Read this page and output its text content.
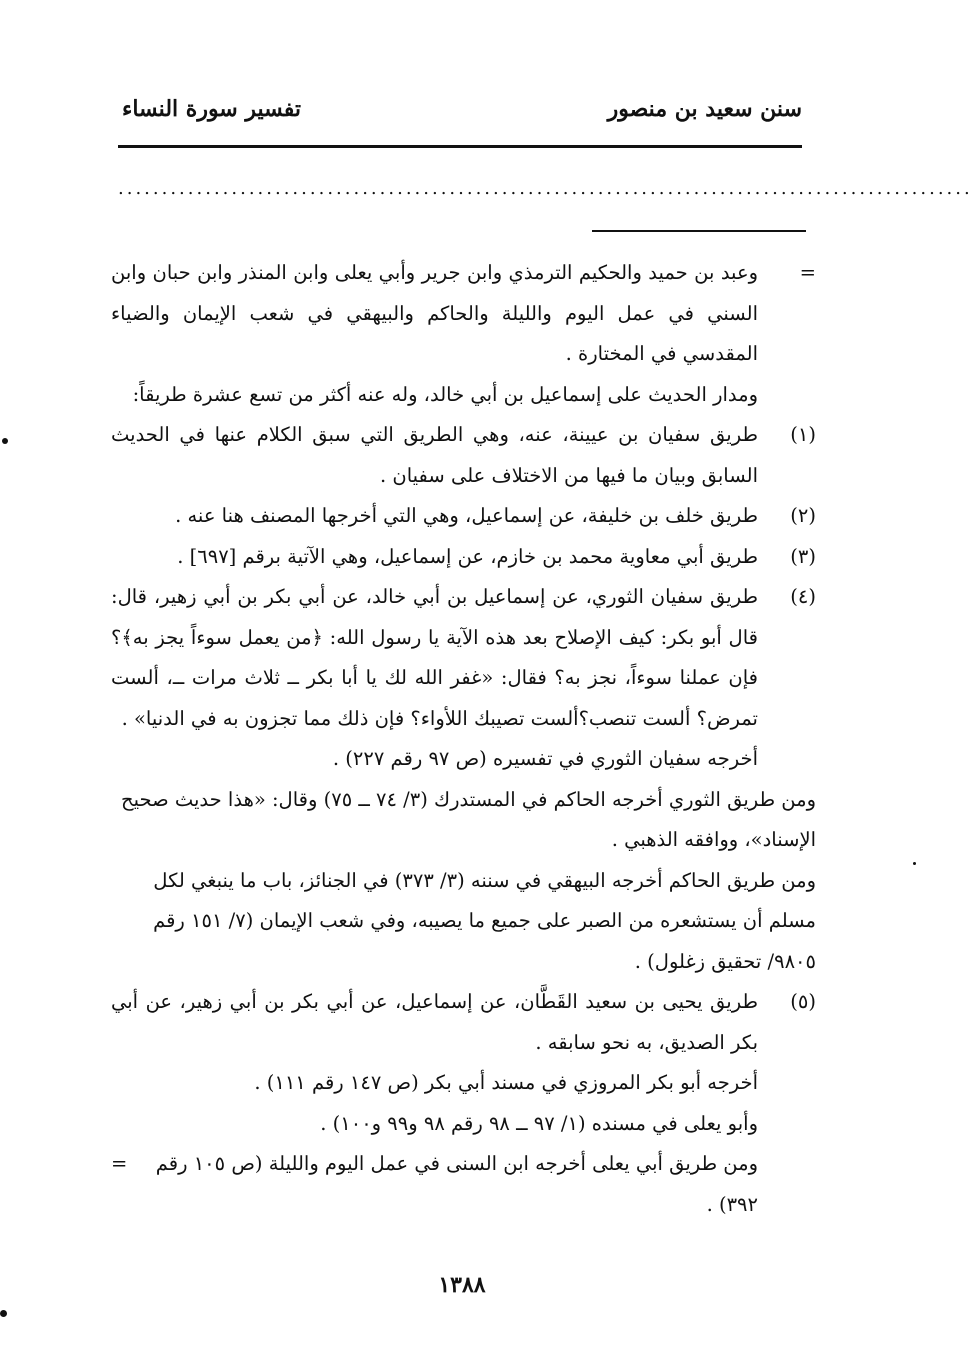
سنن سعيد بن منصور
تفسير سورة النساء
..................................................................................................
=
وعبد بن حميد والحكيم الترمذي وابن جرير وأبي يعلى وابن المنذر وابن حبان وابن السني في عمل اليوم والليلة والحاكم والبيهقي في شعب الإيمان والضياء المقدسي في المختارة .
ومدار الحديث على إسماعيل بن أبي خالد، وله عنه أكثر من تسع عشرة طريقاً:
(١)
طريق سفيان بن عيينة، عنه، وهي الطريق التي سبق الكلام عنها في الحديث السابق وبيان ما فيها من الاختلاف على سفيان .
(٢)
طريق خلف بن خليفة، عن إسماعيل، وهي التي أخرجها المصنف هنا عنه .
(٣)
طريق أبي معاوية محمد بن خازم، عن إسماعيل، وهي الآتية برقم [٦٩٧] .
(٤)
طريق سفيان الثوري، عن إسماعيل بن أبي خالد، عن أبي بكر بن أبي زهير، قال: قال أبو بكر: كيف الإصلاح بعد هذه الآية يا رسول الله: ﴿من يعمل سوءاً يجز به﴾؟ فإن عملنا سوءاً، نجز به؟ فقال: «غفر الله لك يا أبا بكر ــ ثلاث مرات ــ، ألست تمرض؟ ألست تنصب؟ألست تصيبك اللأواء؟ فإن ذلك مما تجزون به في الدنيا» .
أخرجه سفيان الثوري في تفسيره (ص ٩٧ رقم ٢٢٧) .
ومن طريق الثوري أخرجه الحاكم في المستدرك (٣/ ٧٤ ــ ٧٥) وقال: «هذا حديث صحيح الإسناد»، ووافقه الذهبي .
ومن طريق الحاكم أخرجه البيهقي في سننه (٣/ ٣٧٣) في الجنائز، باب ما ينبغي لكل مسلم أن يستشعره من الصبر على جميع ما يصيبه، وفي شعب الإيمان (٧/ ١٥١ رقم ٩٨٠٥/ تحقيق زغلول) .
(٥)
طريق يحيى بن سعيد القَطَّان، عن إسماعيل، عن أبي بكر بن أبي زهير، عن أبي بكر الصديق، به نحو سابقه .
أخرجه أبو بكر المروزي في مسند أبي بكر (ص ١٤٧ رقم ١١١) .
وأبو يعلى في مسنده (١/ ٩٧ ــ ٩٨ رقم ٩٨ و٩٩ و١٠٠) .
ومن طريق أبي يعلى أخرجه ابن السنى في عمل اليوم والليلة (ص ١٠٥ رقم ٣٩٢) .
=
١٣٨٨
